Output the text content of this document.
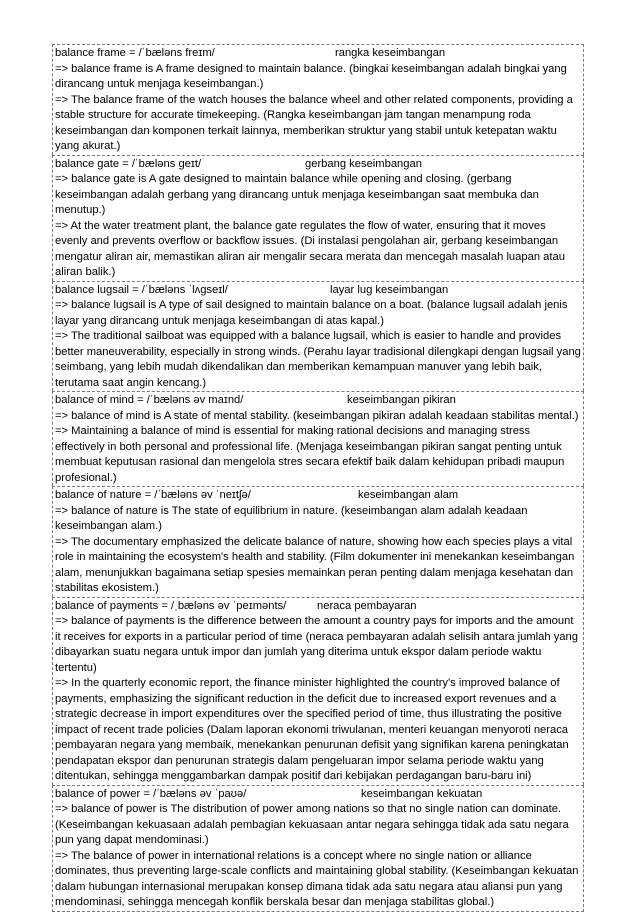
balance frame = /ˈbæləns freɪm/	rangka keseimbangan

=> balance frame is A frame designed to maintain balance. (bingkai keseimbangan adalah bingkai yang dirancang untuk menjaga keseimbangan.)

=> The balance frame of the watch houses the balance wheel and other related components, providing a stable structure for accurate timekeeping. (Rangka keseimbangan jam tangan menampung roda keseimbangan dan komponen terkait lainnya, memberikan struktur yang stabil untuk ketepatan waktu yang akurat.)

balance gate = /ˈbæləns geɪt/	gerbang keseimbangan

=> balance gate is A gate designed to maintain balance while opening and closing. (gerbang keseimbangan adalah gerbang yang dirancang untuk menjaga keseimbangan saat membuka dan menutup.)

=> At the water treatment plant, the balance gate regulates the flow of water, ensuring that it moves evenly and prevents overflow or backflow issues. (Di instalasi pengolahan air, gerbang keseimbangan mengatur aliran air, memastikan aliran air mengalir secara merata dan mencegah masalah luapan atau aliran balik.)

balance lugsail = /ˈbæləns ˈlʌgseɪl/	layar lug keseimbangan

=> balance lugsail is A type of sail designed to maintain balance on a boat. (balance lugsail adalah jenis layar yang dirancang untuk menjaga keseimbangan di atas kapal.)

=> The traditional sailboat was equipped with a balance lugsail, which is easier to handle and provides better maneuverability, especially in strong winds. (Perahu layar tradisional dilengkapi dengan lugsail yang seimbang, yang lebih mudah dikendalikan dan memberikan kemampuan manuver yang lebih baik, terutama saat angin kencang.)

balance of mind = /ˈbæləns əv maɪnd/	keseimbangan pikiran

=> balance of mind is A state of mental stability. (keseimbangan pikiran adalah keadaan stabilitas mental.)

=> Maintaining a balance of mind is essential for making rational decisions and managing stress effectively in both personal and professional life. (Menjaga keseimbangan pikiran sangat penting untuk membuat keputusan rasional dan mengelola stres secara efektif baik dalam kehidupan pribadi maupun profesional.)

balance of nature = /ˈbæləns əv ˈneɪtʃə/	keseimbangan alam

=> balance of nature is The state of equilibrium in nature. (keseimbangan alam adalah keadaan keseimbangan alam.)

=> The documentary emphasized the delicate balance of nature, showing how each species plays a vital role in maintaining the ecosystem's health and stability. (Film dokumenter ini menekankan keseimbangan alam, menunjukkan bagaimana setiap spesies memainkan peran penting dalam menjaga kesehatan dan stabilitas ekosistem.)

balance of payments = /ˌbæləns əv ˈpeɪmənts/	neraca pembayaran

=> balance of payments is the difference between the amount a country pays for imports and the amount it receives for exports in a particular period of time (neraca pembayaran adalah selisih antara jumlah yang dibayarkan suatu negara untuk impor dan jumlah yang diterima untuk ekspor dalam periode waktu tertentu)

=> In the quarterly economic report, the finance minister highlighted the country's improved balance of payments, emphasizing the significant reduction in the deficit due to increased export revenues and a strategic decrease in import expenditures over the specified period of time, thus illustrating the positive impact of recent trade policies (Dalam laporan ekonomi triwulanan, menteri keuangan menyoroti neraca pembayaran negara yang membaik, menekankan penurunan defisit yang signifikan karena peningkatan pendapatan ekspor dan penurunan strategis dalam pengeluaran impor selama periode waktu yang ditentukan, sehingga menggambarkan dampak positif dari kebijakan perdagangan baru-baru ini)

balance of power = /ˈbæləns əv ˈpaʊə/	keseimbangan kekuatan

=> balance of power is The distribution of power among nations so that no single nation can dominate. (Keseimbangan kekuasaan adalah pembagian kekuasaan antar negara sehingga tidak ada satu negara pun yang dapat mendominasi.)

=> The balance of power in international relations is a concept where no single nation or alliance dominates, thus preventing large-scale conflicts and maintaining global stability. (Keseimbangan kekuatan dalam hubungan internasional merupakan konsep dimana tidak ada satu negara atau aliansi pun yang mendominasi, sehingga mencegah konflik berskala besar dan menjaga stabilitas global.)
